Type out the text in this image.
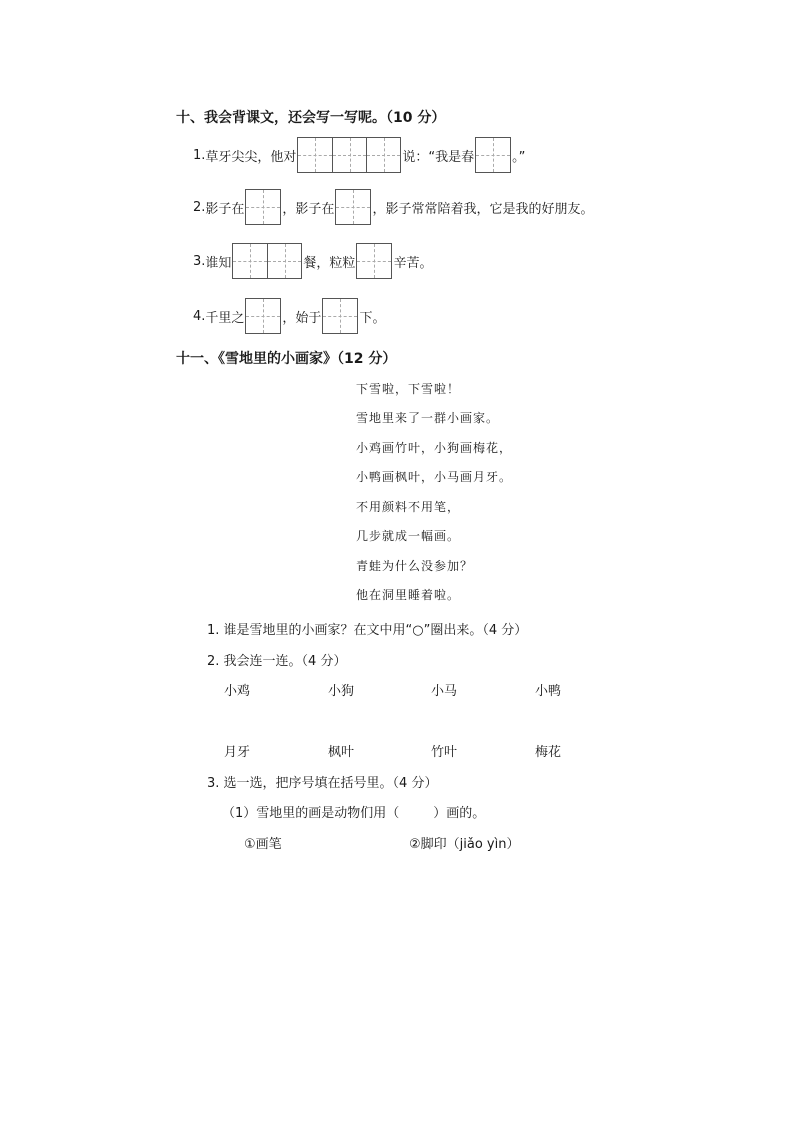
十、我会背课文，还会写一写呢。（10 分）
1. 草牙尖尖，他对	说：“我是春	。”
2. 影子在	，影子在	，影子常常陪着我，它是我的好朋友。
3. 谁知	餐，粒粒	辛苦。
4. 千里之	，始于	下。
十一、《雪地里的小画家》（12 分）
下雪啦，下雪啦！
雪地里来了一群小画家。
小鸡画竹叶，小狗画梅花，
小鸭画枫叶，小马画月牙。
不用颜料不用笔，
几步就成一幅画。
青蛙为什么没参加？
他在洞里睡着啦。
1. 谁是雪地里的小画家？在文中用“○”圈出来。（4 分）
2. 我会连一连。（4 分）
小鸡	小狗	小马	小鸭
月牙	枫叶	竹叶	梅花
3. 选一选，把序号填在括号里。（4 分）
（1）雪地里的画是动物们用（	）画的。
①画笔	②脚印（jiǎo yìn）
